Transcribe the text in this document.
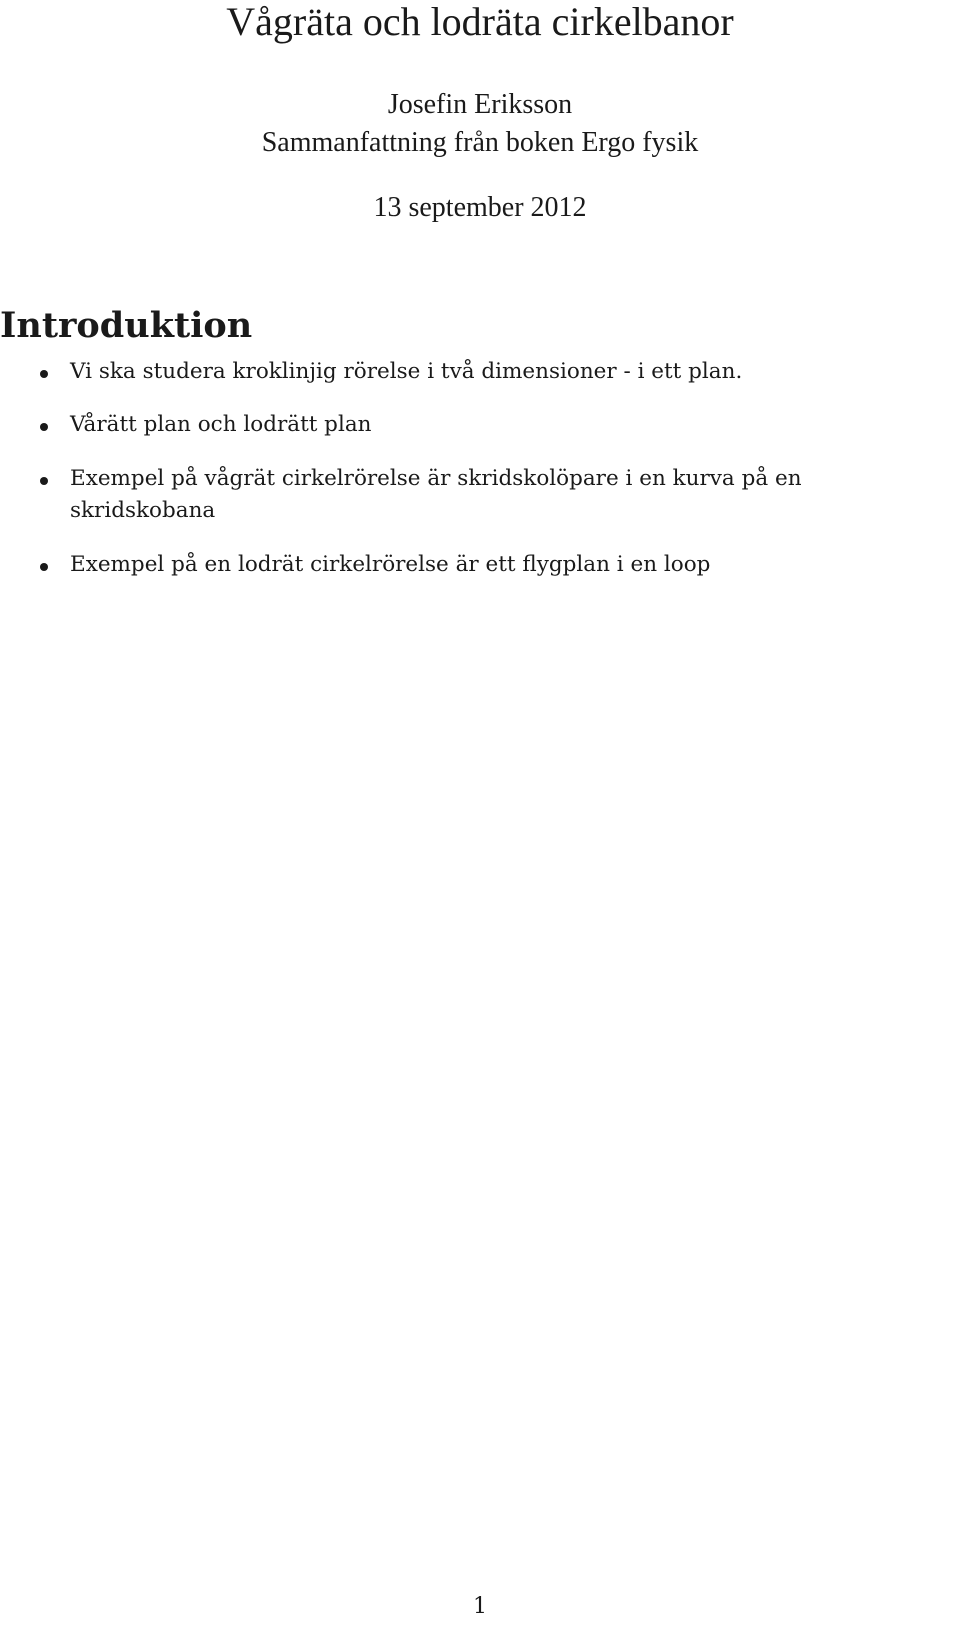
Vågräta och lodräta cirkelbanor
Josefin Eriksson
Sammanfattning från boken Ergo fysik
13 september 2012
Introduktion
Vi ska studera kroklinjig rörelse i två dimensioner - i ett plan.
Vårätt plan och lodrätt plan
Exempel på vågrät cirkelrörelse är skridskolöpare i en kurva på en skridskobana
Exempel på en lodrät cirkelrörelse är ett flygplan i en loop
1
